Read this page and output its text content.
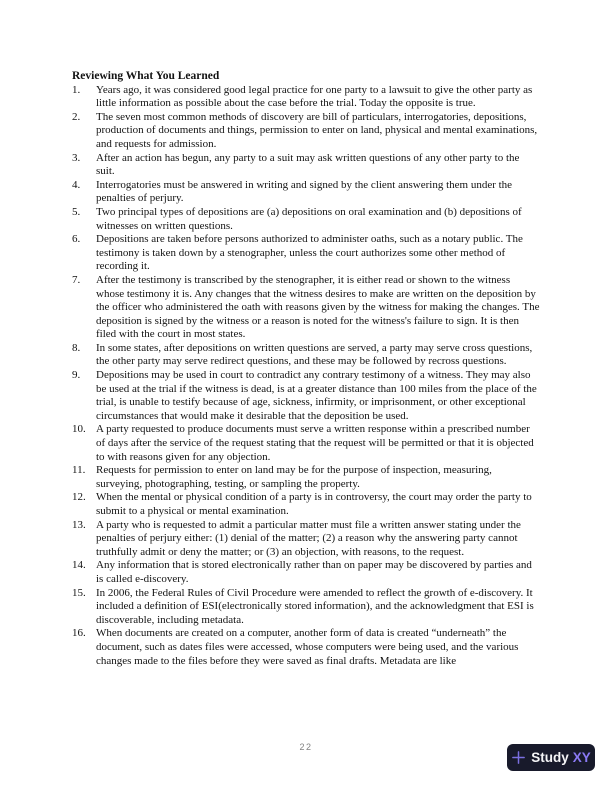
Reviewing What You Learned

1.	Years ago, it was considered good legal practice for one party to a lawsuit to give the other party as little information as possible about the case before the trial. Today the opposite is true.
2.	The seven most common methods of discovery are bill of particulars, interrogatories, depositions, production of documents and things, permission to enter on land, physical and mental examinations, and requests for admission.
3.	After an action has begun, any party to a suit may ask written questions of any other party to the suit.
4.	Interrogatories must be answered in writing and signed by the client answering them under the penalties of perjury.
5.	Two principal types of depositions are (a) depositions on oral examination and (b) depositions of witnesses on written questions.
6.	Depositions are taken before persons authorized to administer oaths, such as a notary public. The testimony is taken down by a stenographer, unless the court authorizes some other method of recording it.
7.	After the testimony is transcribed by the stenographer, it is either read or shown to the witness whose testimony it is. Any changes that the witness desires to make are written on the deposition by the officer who administered the oath with reasons given by the witness for making the changes. The deposition is signed by the witness or a reason is noted for the witness's failure to sign. It is then filed with the court in most states.
8.	In some states, after depositions on written questions are served, a party may serve cross questions, the other party may serve redirect questions, and these may be followed by recross questions.
9.	Depositions may be used in court to contradict any contrary testimony of a witness. They may also be used at the trial if the witness is dead, is at a greater distance than 100 miles from the place of the trial, is unable to testify because of age, sickness, infirmity, or imprisonment, or other exceptional circumstances that would make it desirable that the deposition be used.
10. A party requested to produce documents must serve a written response within a prescribed number of days after the service of the request stating that the request will be permitted or that it is objected to with reasons given for any objection.
11. Requests for permission to enter on land may be for the purpose of inspection, measuring, surveying, photographing, testing, or sampling the property.
12. When the mental or physical condition of a party is in controversy, the court may order the party to submit to a physical or mental examination.
13. A party who is requested to admit a particular matter must file a written answer stating under the penalties of perjury either: (1) denial of the matter; (2) a reason why the answering party cannot truthfully admit or deny the matter; or (3) an objection, with reasons, to the request.
14. Any information that is stored electronically rather than on paper may be discovered by parties and is called e-discovery.
15. In 2006, the Federal Rules of Civil Procedure were amended to reflect the growth of e-discovery. It included a definition of ESI(electronically stored information), and the acknowledgment that ESI is discoverable, including metadata.
16. When documents are created on a computer, another form of data is created “underneath” the document, such as dates files were accessed, whose computers were being used, and the various changes made to the files before they were saved as final drafts. Metadata are like
22
Study XY
